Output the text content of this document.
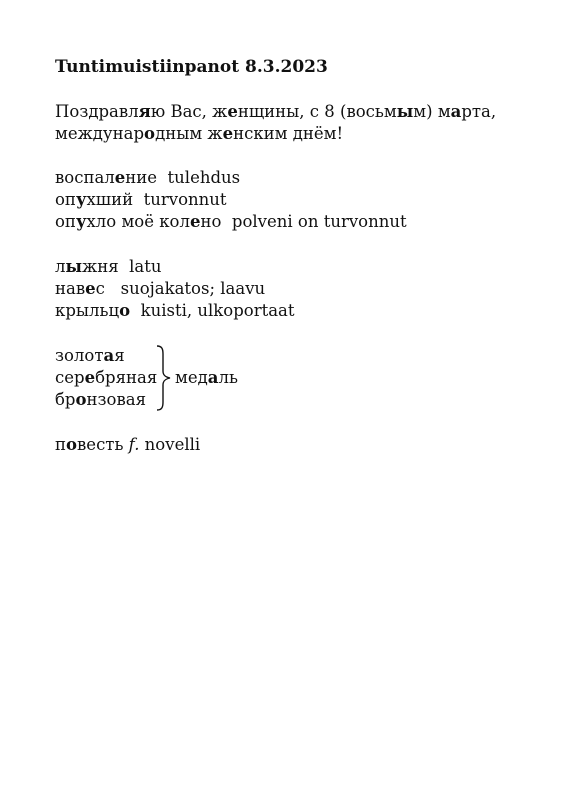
Tuntimuistiinpanot 8.3.2023
Поздравляю Вас, женщины, с 8 (восьмым) марта,
международным женским днём!
воспаление  tulehdus
опухший  turvonnut
опухло моё колено  polveni on turvonnut
лыжня  latu
навес   suojakatos; laavu
крыльцо  kuisti, ulkoportaat
золотая
серебряная
бронзовая
медаль
повесть f. novelli
